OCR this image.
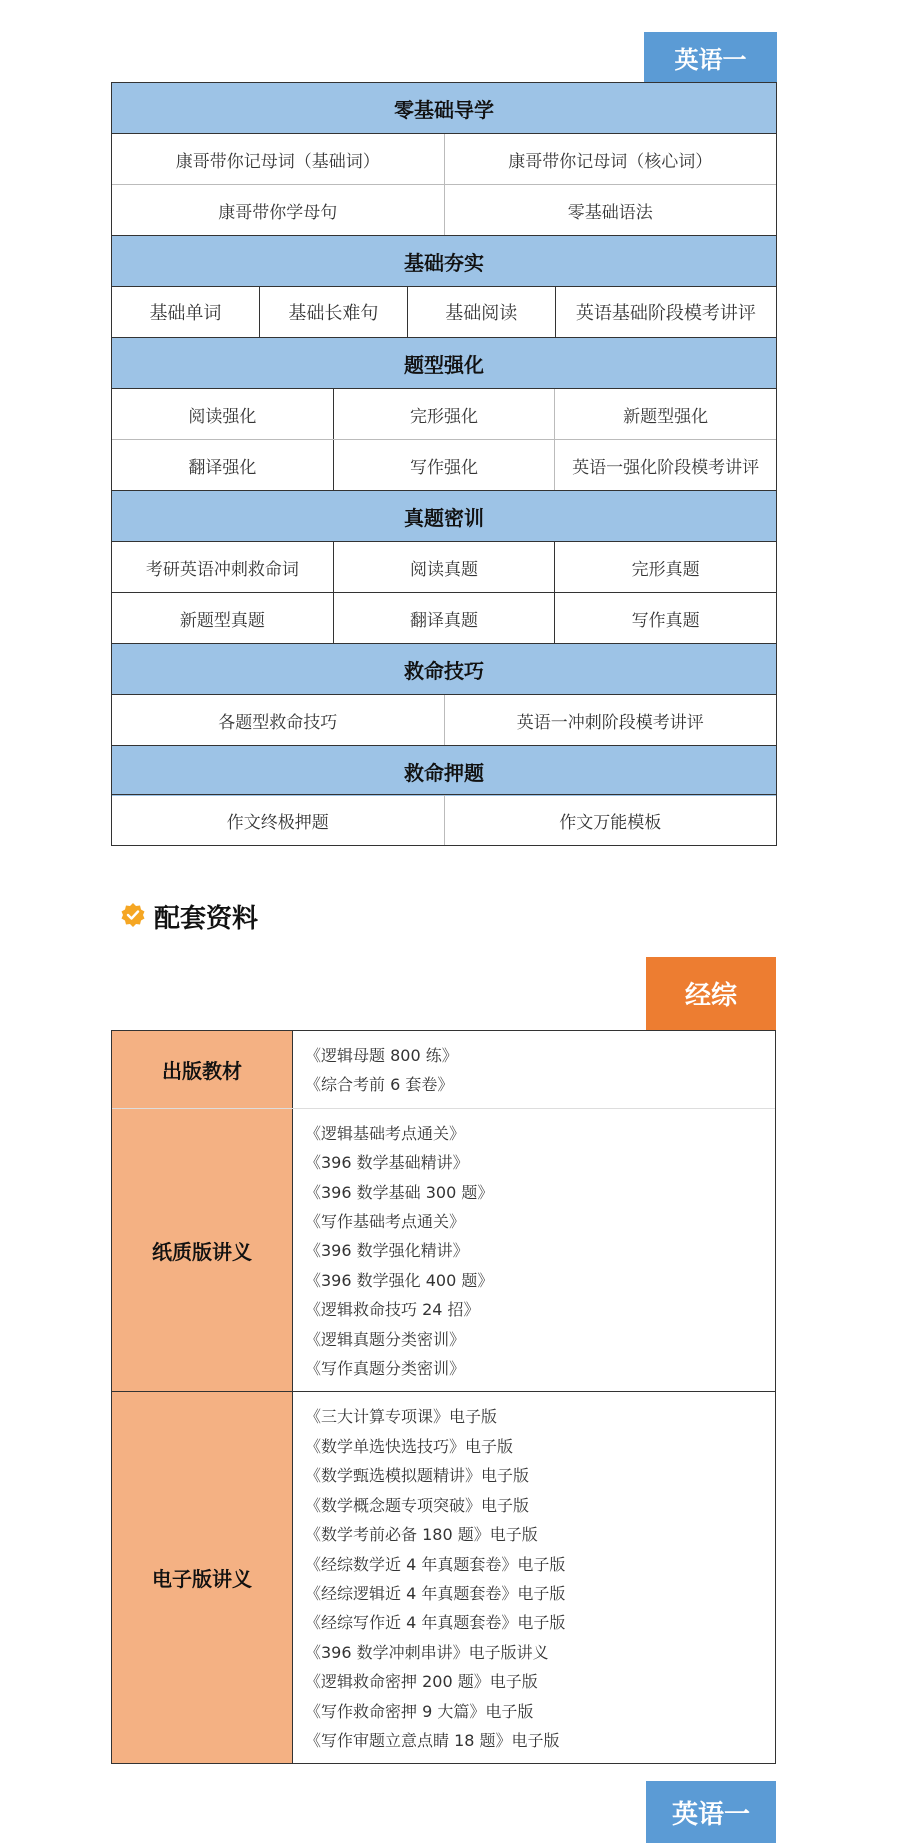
英语一
零基础导学
康哥带你记母词（基础词）	康哥带你记母词（核心词）
康哥带你学母句	零基础语法
基础夯实
基础单词	基础长难句	基础阅读	英语基础阶段模考讲评
题型强化
阅读强化	完形强化	新题型强化
翻译强化	写作强化	英语一强化阶段模考讲评
真题密训
考研英语冲刺救命词	阅读真题	完形真题
新题型真题	翻译真题	写作真题
救命技巧
各题型救命技巧	英语一冲刺阶段模考讲评
救命押题
作文终极押题	作文万能模板
配套资料
经综
出版教材
《逻辑母题 800 练》
《综合考前 6 套卷》
纸质版讲义
《逻辑基础考点通关》
《396 数学基础精讲》
《396 数学基础 300 题》
《写作基础考点通关》
《396 数学强化精讲》
《396 数学强化 400 题》
《逻辑救命技巧 24 招》
《逻辑真题分类密训》
《写作真题分类密训》
电子版讲义
《三大计算专项课》电子版
《数学单选快选技巧》电子版
《数学甄选模拟题精讲》电子版
《数学概念题专项突破》电子版
《数学考前必备 180 题》电子版
《经综数学近 4 年真题套卷》电子版
《经综逻辑近 4 年真题套卷》电子版
《经综写作近 4 年真题套卷》电子版
《396 数学冲刺串讲》电子版讲义
《逻辑救命密押 200 题》电子版
《写作救命密押 9 大篇》电子版
《写作审题立意点睛 18 题》电子版
英语一
